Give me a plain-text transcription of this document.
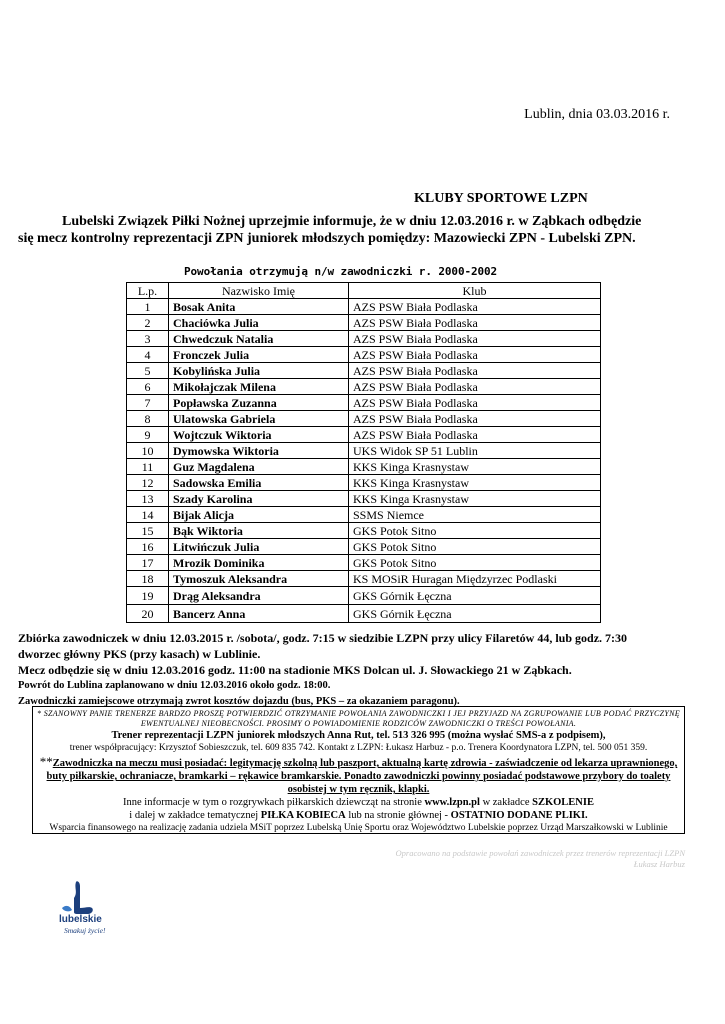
Lublin, dnia 03.03.2016 r.
KLUBY SPORTOWE LZPN
Lubelski Związek Piłki Nożnej uprzejmie informuje, że w dniu 12.03.2016 r. w Ząbkach odbędzie
się mecz kontrolny reprezentacji ZPN juniorek młodszych pomiędzy: Mazowiecki ZPN - Lubelski ZPN.
Powołania otrzymują n/w zawodniczki r. 2000-2002
L.p.	Nazwisko Imię	Klub
1	Bosak Anita	AZS PSW Biała Podlaska
2	Chaciówka Julia	AZS PSW Biała Podlaska
3	Chwedczuk Natalia	AZS PSW Biała Podlaska
4	Fronczek Julia	AZS PSW Biała Podlaska
5	Kobylińska Julia	AZS PSW Biała Podlaska
6	Mikołajczak Milena	AZS PSW Biała Podlaska
7	Popławska Zuzanna	AZS PSW Biała Podlaska
8	Ulatowska Gabriela	AZS PSW Biała Podlaska
9	Wojtczuk Wiktoria	AZS PSW Biała Podlaska
10	Dymowska Wiktoria	UKS Widok SP 51 Lublin
11	Guz Magdalena	KKS Kinga Krasnystaw
12	Sadowska Emilia	KKS Kinga Krasnystaw
13	Szady Karolina	KKS Kinga Krasnystaw
14	Bijak Alicja	SSMS Niemce
15	Bąk Wiktoria	GKS Potok Sitno
16	Litwińczuk Julia	GKS Potok Sitno
17	Mrozik Dominika	GKS Potok Sitno
18	Tymoszuk Aleksandra	KS MOSiR Huragan Międzyrzec Podlaski
19	Drąg Aleksandra	GKS Górnik Łęczna
20	Bancerz Anna	GKS Górnik Łęczna
Zbiórka zawodniczek w dniu 12.03.2015 r. /sobota/, godz. 7:15 w siedzibie LZPN przy ulicy Filaretów 44, lub godz. 7:30
dworzec główny PKS (przy kasach) w Lublinie.
Mecz odbędzie się w dniu 12.03.2016 godz. 11:00 na stadionie MKS Dolcan ul. J. Słowackiego 21 w Ząbkach.
Powrót do Lublina zaplanowano w dniu 12.03.2016 około godz. 18:00.
Zawodniczki zamiejscowe otrzymają zwrot kosztów dojazdu (bus, PKS – za okazaniem paragonu).
* SZANOWNY PANIE TRENERZE BARDZO PROSZĘ POTWIERDZIĆ OTRZYMANIE POWOŁANIA ZAWODNICZKI I JEJ PRZYJAZD NA ZGRUPOWANIE LUB PODAĆ PRZYCZYNĘ EWENTUALNEJ NIEOBECNOŚCI. PROSIMY O POWIADOMIENIE RODZICÓW ZAWODNICZKI O TREŚCI POWOŁANIA.
Trener reprezentacji LZPN juniorek młodszych Anna Rut, tel. 513 326 995 (można wysłać SMS-a z podpisem),
trener współpracujący: Krzysztof Sobieszczuk, tel. 609 835 742. Kontakt z LZPN: Łukasz Harbuz - p.o. Trenera Koordynatora LZPN, tel. 500 051 359.
**Zawodniczka na meczu musi posiadać: legitymację szkolną lub paszport, aktualną kartę zdrowia - zaświadczenie od lekarza uprawnionego, buty piłkarskie, ochraniacze, bramkarki – rękawice bramkarskie. Ponadto zawodniczki powinny posiadać podstawowe przybory do toalety osobistej w tym ręcznik, klapki.
Inne informacje w tym o rozgrywkach piłkarskich dziewcząt na stronie www.lzpn.pl w zakładce SZKOLENIE
i dalej w zakładce tematycznej PIŁKA KOBIECA lub na stronie głównej - OSTATNIO DODANE PLIKI.
Wsparcia finansowego na realizację zadania udziela MSiT poprzez Lubelską Unię Sportu oraz Województwo Lubelskie poprzez Urząd Marszałkowski w Lublinie
Opracowano na podstawie powołań zawodniczek przez trenerów reprezentacji LZPN
Łukasz Harbuz
lubelskie
Smakuj życie!
